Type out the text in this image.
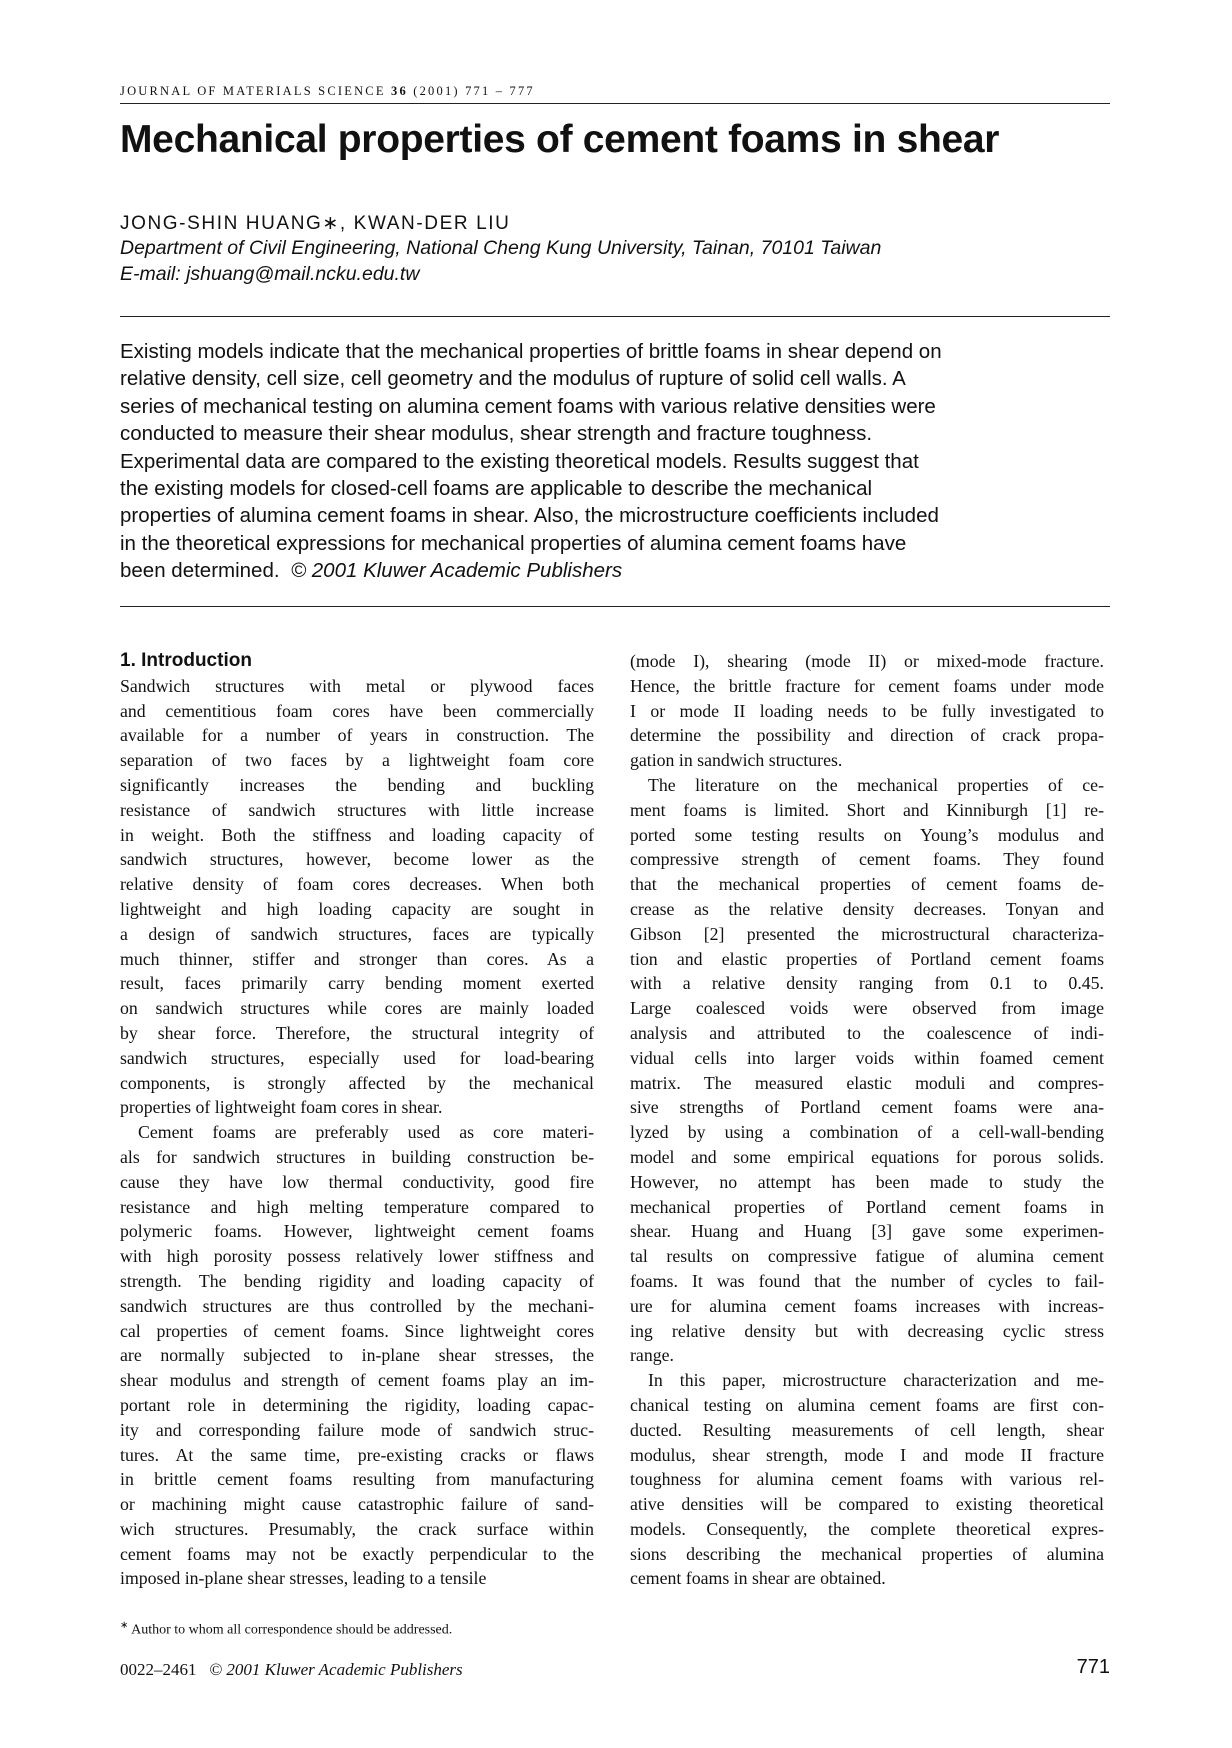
JOURNAL OF MATERIALS SCIENCE 36 (2001) 771 – 777
Mechanical properties of cement foams in shear
JONG-SHIN HUANG∗, KWAN-DER LIU
Department of Civil Engineering, National Cheng Kung University, Tainan, 70101 Taiwan
E-mail: jshuang@mail.ncku.edu.tw
Existing models indicate that the mechanical properties of brittle foams in shear depend on
relative density, cell size, cell geometry and the modulus of rupture of solid cell walls. A
series of mechanical testing on alumina cement foams with various relative densities were
conducted to measure their shear modulus, shear strength and fracture toughness.
Experimental data are compared to the existing theoretical models. Results suggest that
the existing models for closed-cell foams are applicable to describe the mechanical
properties of alumina cement foams in shear. Also, the microstructure coefficients included
in the theoretical expressions for mechanical properties of alumina cement foams have
been determined. © 2001 Kluwer Academic Publishers
1. Introduction
Sandwich structures with metal or plywood faces
and cementitious foam cores have been commercially
available for a number of years in construction. The
separation of two faces by a lightweight foam core
significantly increases the bending and buckling
resistance of sandwich structures with little increase
in weight. Both the stiffness and loading capacity of
sandwich structures, however, become lower as the
relative density of foam cores decreases. When both
lightweight and high loading capacity are sought in
a design of sandwich structures, faces are typically
much thinner, stiffer and stronger than cores. As a
result, faces primarily carry bending moment exerted
on sandwich structures while cores are mainly loaded
by shear force. Therefore, the structural integrity of
sandwich structures, especially used for load-bearing
components, is strongly affected by the mechanical
properties of lightweight foam cores in shear.
Cement foams are preferably used as core materi-
als for sandwich structures in building construction be-
cause they have low thermal conductivity, good fire
resistance and high melting temperature compared to
polymeric foams. However, lightweight cement foams
with high porosity possess relatively lower stiffness and
strength. The bending rigidity and loading capacity of
sandwich structures are thus controlled by the mechani-
cal properties of cement foams. Since lightweight cores
are normally subjected to in-plane shear stresses, the
shear modulus and strength of cement foams play an im-
portant role in determining the rigidity, loading capac-
ity and corresponding failure mode of sandwich struc-
tures. At the same time, pre-existing cracks or flaws
in brittle cement foams resulting from manufacturing
or machining might cause catastrophic failure of sand-
wich structures. Presumably, the crack surface within
cement foams may not be exactly perpendicular to the
imposed in-plane shear stresses, leading to a tensile
(mode I), shearing (mode II) or mixed-mode fracture.
Hence, the brittle fracture for cement foams under mode
I or mode II loading needs to be fully investigated to
determine the possibility and direction of crack propa-
gation in sandwich structures.
The literature on the mechanical properties of ce-
ment foams is limited. Short and Kinniburgh [1] re-
ported some testing results on Young’s modulus and
compressive strength of cement foams. They found
that the mechanical properties of cement foams de-
crease as the relative density decreases. Tonyan and
Gibson [2] presented the microstructural characteriza-
tion and elastic properties of Portland cement foams
with a relative density ranging from 0.1 to 0.45.
Large coalesced voids were observed from image
analysis and attributed to the coalescence of indi-
vidual cells into larger voids within foamed cement
matrix. The measured elastic moduli and compres-
sive strengths of Portland cement foams were ana-
lyzed by using a combination of a cell-wall-bending
model and some empirical equations for porous solids.
However, no attempt has been made to study the
mechanical properties of Portland cement foams in
shear. Huang and Huang [3] gave some experimen-
tal results on compressive fatigue of alumina cement
foams. It was found that the number of cycles to fail-
ure for alumina cement foams increases with increas-
ing relative density but with decreasing cyclic stress
range.
In this paper, microstructure characterization and me-
chanical testing on alumina cement foams are first con-
ducted. Resulting measurements of cell length, shear
modulus, shear strength, mode I and mode II fracture
toughness for alumina cement foams with various rel-
ative densities will be compared to existing theoretical
models. Consequently, the complete theoretical expres-
sions describing the mechanical properties of alumina
cement foams in shear are obtained.
∗ Author to whom all correspondence should be addressed.
0022–2461 © 2001 Kluwer Academic Publishers	771
